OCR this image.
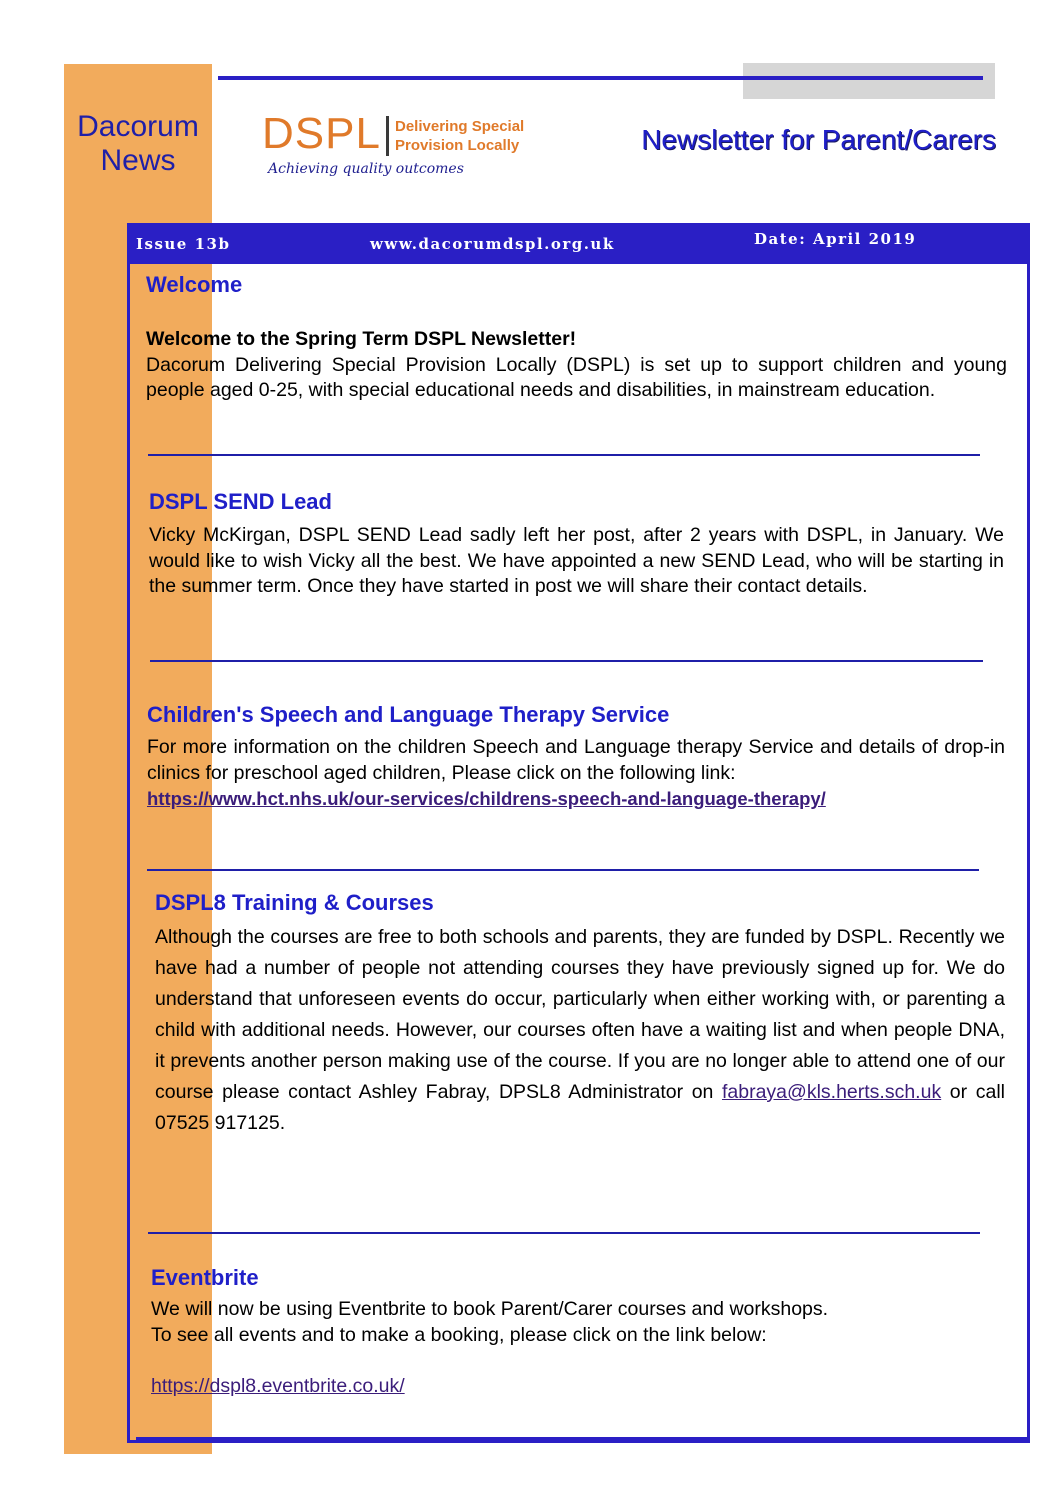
Dacorum
News
DSPL Delivering Special
Provision Locally
Achieving quality outcomes
Newsletter for Parent/Carers
Issue 13b	www.dacorumdspl.org.uk	Date: April 2019
Welcome
Welcome to the Spring Term DSPL Newsletter!
Dacorum Delivering Special Provision Locally (DSPL) is set up to support children and young people aged 0-25, with special educational needs and disabilities, in mainstream education.
DSPL SEND Lead
Vicky McKirgan, DSPL SEND Lead sadly left her post, after 2 years with DSPL, in January. We would like to wish Vicky all the best. We have appointed a new SEND Lead, who will be starting in the summer term. Once they have started in post we will share their contact details.
Children's Speech and Language Therapy Service
For more information on the children Speech and Language therapy Service and details of drop-in clinics for preschool aged children, Please click on the following link:
https://www.hct.nhs.uk/our-services/childrens-speech-and-language-therapy/
DSPL8 Training & Courses
Although the courses are free to both schools and parents, they are funded by DSPL. Recently we have had a number of people not attending courses they have previously signed up for. We do understand that unforeseen events do occur, particularly when either working with, or parenting a child with additional needs. However, our courses often have a waiting list and when people DNA, it prevents another person making use of the course. If you are no longer able to attend one of our course please contact Ashley Fabray, DPSL8 Administrator on fabraya@kls.herts.sch.uk or call 07525 917125.
Eventbrite
We will now be using Eventbrite to book Parent/Carer courses and workshops.
To see all events and to make a booking, please click on the link below:
https://dspl8.eventbrite.co.uk/
